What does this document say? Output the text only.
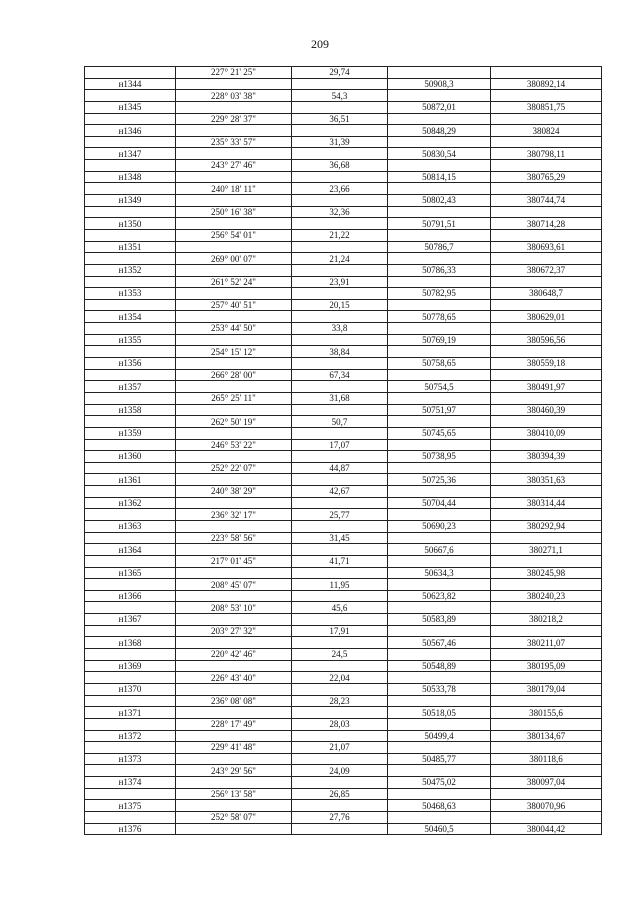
209
	227° 21' 25"	29,74		
н1344			50908,3	380892,14
	228° 03' 38"	54,3		
н1345			50872,01	380851,75
	229° 28' 37"	36,51		
н1346			50848,29	380824
	235° 33' 57"	31,39		
н1347			50830,54	380798,11
	243° 27' 46"	36,68		
н1348			50814,15	380765,29
	240° 18' 11"	23,66		
н1349			50802,43	380744,74
	250° 16' 38"	32,36		
н1350			50791,51	380714,28
	256° 54' 01"	21,22		
н1351			50786,7	380693,61
	269° 00' 07"	21,24		
н1352			50786,33	380672,37
	261° 52' 24"	23,91		
н1353			50782,95	380648,7
	257° 40' 51"	20,15		
н1354			50778,65	380629,01
	253° 44' 50"	33,8		
н1355			50769,19	380596,56
	254° 15' 12"	38,84		
н1356			50758,65	380559,18
	266° 28' 00"	67,34		
н1357			50754,5	380491,97
	265° 25' 11"	31,68		
н1358			50751,97	380460,39
	262° 50' 19"	50,7		
н1359			50745,65	380410,09
	246° 53' 22"	17,07		
н1360			50738,95	380394,39
	252° 22' 07"	44,87		
н1361			50725,36	380351,63
	240° 38' 29"	42,67		
н1362			50704,44	380314,44
	236° 32' 17"	25,77		
н1363			50690,23	380292,94
	223° 58' 56"	31,45		
н1364			50667,6	380271,1
	217° 01' 45"	41,71		
н1365			50634,3	380245,98
	208° 45' 07"	11,95		
н1366			50623,82	380240,23
	208° 53' 10"	45,6		
н1367			50583,89	380218,2
	203° 27' 32"	17,91		
н1368			50567,46	380211,07
	220° 42' 46"	24,5		
н1369			50548,89	380195,09
	226° 43' 40"	22,04		
н1370			50533,78	380179,04
	236° 08' 08"	28,23		
н1371			50518,05	380155,6
	228° 17' 49"	28,03		
н1372			50499,4	380134,67
	229° 41' 48"	21,07		
н1373			50485,77	380118,6
	243° 29' 56"	24,09		
н1374			50475,02	380097,04
	256° 13' 58"	26,85		
н1375			50468,63	380070,96
	252° 58' 07"	27,76		
н1376			50460,5	380044,42
